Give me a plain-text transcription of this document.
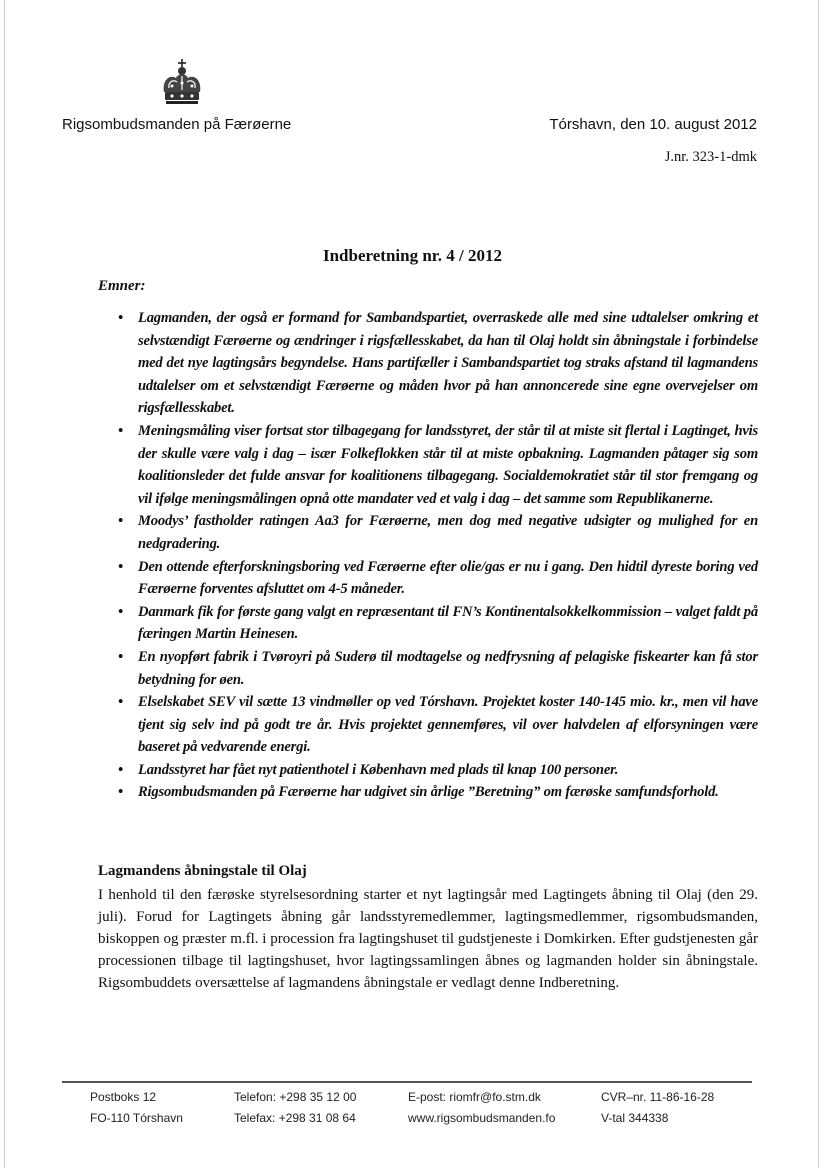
Rigsombudsmanden på Færøerne	Tórshavn, den 10. august 2012
J.nr. 323-1-dmk
Indberetning nr. 4 / 2012
Emner:
• Lagmanden, der også er formand for Sambandspartiet, overraskede alle med sine udtalelser omkring et selvstændigt Færøerne og ændringer i rigsfællesskabet, da han til Olaj holdt sin åbningstale i forbindelse med det nye lagtingsårs begyndelse. Hans partifæller i Sambandspartiet tog straks afstand til lagmandens udtalelser om et selvstændigt Færøerne og måden hvor på han annoncerede sine egne overvejelser om rigsfællesskabet.
• Meningsmåling viser fortsat stor tilbagegang for landsstyret, der står til at miste sit flertal i Lagtinget, hvis der skulle være valg i dag – især Folkeflokken står til at miste opbakning. Lagmanden påtager sig som koalitionsleder det fulde ansvar for koalitionens tilbagegang. Socialdemokratiet står til stor fremgang og vil ifølge meningsmålingen opnå otte mandater ved et valg i dag – det samme som Republikanerne.
• Moodys’ fastholder ratingen Aa3 for Færøerne, men dog med negative udsigter og mulighed for en nedgradering.
• Den ottende efterforskningsboring ved Færøerne efter olie/gas er nu i gang. Den hidtil dyreste boring ved Færøerne forventes afsluttet om 4-5 måneder.
• Danmark fik for første gang valgt en repræsentant til FN’s Kontinentalsokkelkommission – valget faldt på færingen Martin Heinesen.
• En nyopført fabrik i Tvøroyri på Suderø til modtagelse og nedfrysning af pelagiske fiskearter kan få stor betydning for øen.
• Elselskabet SEV vil sætte 13 vindmøller op ved Tórshavn. Projektet koster 140-145 mio. kr., men vil have tjent sig selv ind på godt tre år. Hvis projektet gennemføres, vil over halvdelen af elforsyningen være baseret på vedvarende energi.
• Landsstyret har fået nyt patienthotel i København med plads til knap 100 personer.
• Rigsombudsmanden på Færøerne har udgivet sin årlige ”Beretning” om færøske samfundsforhold.
Lagmandens åbningstale til Olaj

I henhold til den færøske styrelsesordning starter et nyt lagtingsår med Lagtingets åbning til Olaj (den 29. juli). Forud for Lagtingets åbning går landsstyremedlemmer, lagtingsmedlemmer, rigsombudsmanden, biskoppen og præster m.fl. i procession fra lagtingshuset til gudstjeneste i Domkirken. Efter gudstjenesten går processionen tilbage til lagtingshuset, hvor lagtingssamlingen åbnes og lagmanden holder sin åbningstale. Rigsombuddets oversættelse af lagmandens åbningstale er vedlagt denne Indberetning.

Postboks 12
FO-110 Tórshavn
Telefon: +298 35 12 00
Telefax: +298 31 08 64
E-post: riomfr@fo.stm.dk
www.rigsombudsmanden.fo
CVR–nr. 11-86-16-28
V-tal 344338
